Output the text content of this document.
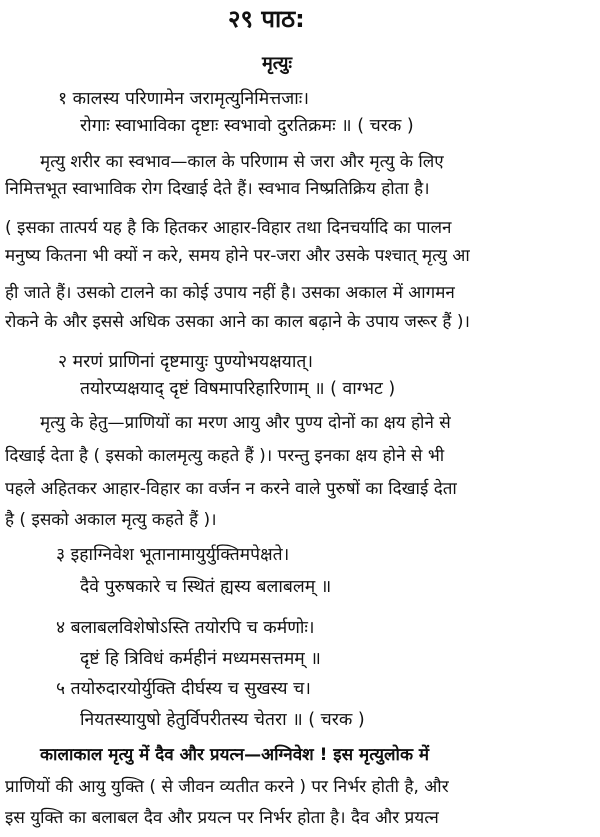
२९ पाठ:
मृत्युः
१ कालस्य परिणामेन जरामृत्युनिमित्तजाः।
रोगाः स्वाभाविका दृष्टाः स्वभावो दुरतिक्रमः ॥ ( चरक )
मृत्यु शरीर का स्वभाव—काल के परिणाम से जरा और मृत्यु के लिए
निमित्तभूत स्वाभाविक रोग दिखाई देते हैं। स्वभाव निष्प्रतिक्रिय होता है।
( इसका तात्पर्य यह है कि हितकर आहार-विहार तथा दिनचर्यादि का पालन
मनुष्य कितना भी क्यों न करे, समय होने पर-जरा और उसके पश्चात् मृत्यु आ
ही जाते हैं। उसको टालने का कोई उपाय नहीं है। उसका अकाल में आगमन
रोकने के और इससे अधिक उसका आने का काल बढ़ाने के उपाय जरूर हैं )।
२ मरणं प्राणिनां दृष्टमायुः पुण्योभयक्षयात्।
तयोरप्यक्षयाद् दृष्टं विषमापरिहारिणाम् ॥ ( वाग्भट )
मृत्यु के हेतु—प्राणियों का मरण आयु और पुण्य दोनों का क्षय होने से
दिखाई देता है ( इसको कालमृत्यु कहते हैं )। परन्तु इनका क्षय होने से भी
पहले अहितकर आहार-विहार का वर्जन न करने वाले पुरुषों का दिखाई देता
है ( इसको अकाल मृत्यु कहते हैं )।
३ इहाग्निवेश भूतानामायुर्युक्तिमपेक्षते।
दैवे पुरुषकारे च स्थितं ह्यस्य बलाबलम् ॥
४ बलाबलविशेषोऽस्ति तयोरपि च कर्मणोः।
दृष्टं हि त्रिविधं कर्महीनं मध्यमसत्तमम् ॥
५ तयोरुदारयोर्युक्ति दीर्घस्य च सुखस्य च।
नियतस्यायुषो हेतुर्विपरीतस्य चेतरा ॥ ( चरक )
कालाकाल मृत्यु में दैव और प्रयत्न—अग्निवेश ! इस मृत्युलोक में
प्राणियों की आयु युक्ति ( से जीवन व्यतीत करने ) पर निर्भर होती है, और
इस युक्ति का बलाबल दैव और प्रयत्न पर निर्भर होता है। दैव और प्रयत्न
